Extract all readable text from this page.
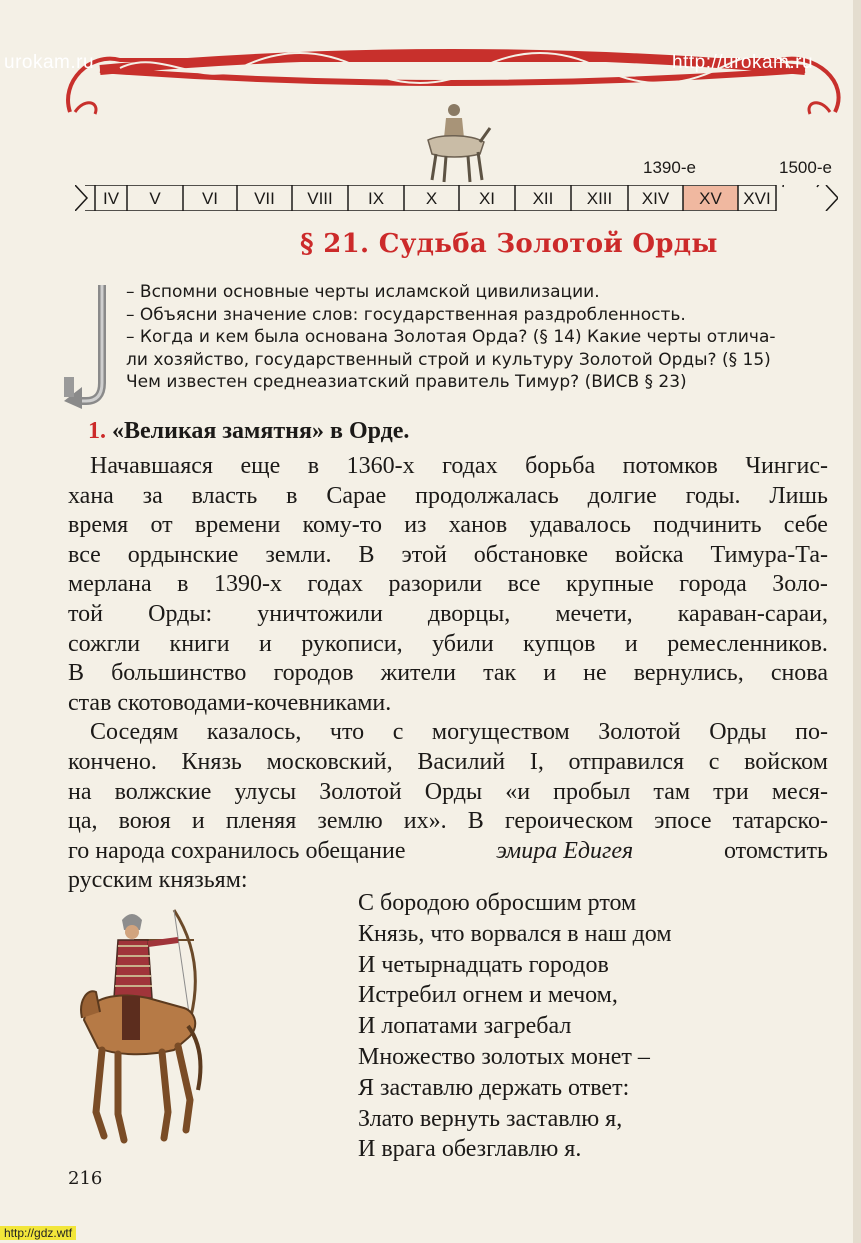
urokam.ru	http://urokam.ru
1390-е	1500-е
IV V VI VII VIII IX X XI XII XIII XIV XV XVI
§ 21. Судьба Золотой Орды
– Вспомни основные черты исламской цивилизации.
– Объясни значение слов: государственная раздробленность.
– Когда и кем была основана Золотая Орда? (§ 14) Какие черты отлича-
ли хозяйство, государственный строй и культуру Золотой Орды? (§ 15)
Чем известен среднеазиатский правитель Тимур? (ВИСВ § 23)
1. «Великая замятня» в Орде.
Начавшаяся еще в 1360-х годах борьба потомков Чингис-
хана за власть в Сарае продолжалась долгие годы. Лишь
время от времени кому-то из ханов удавалось подчинить себе
все ордынские земли. В этой обстановке войска Тимура-Та-
мерлана в 1390-х годах разорили все крупные города Золо-
той Орды: уничтожили дворцы, мечети, караван-сараи,
сожгли книги и рукописи, убили купцов и ремесленников.
В большинство городов жители так и не вернулись, снова
став скотоводами-кочевниками.
Соседям казалось, что с могуществом Золотой Орды по-
кончено. Князь московский, Василий I, отправился с войском
на волжские улусы Золотой Орды «и пробыл там три меся-
ца, воюя и пленяя землю их». В героическом эпосе татарско-
го народа сохранилось обещание	эмира Едигея	отомстить
русским князьям:
С бородою обросшим ртом
Князь, что ворвался в наш дом
И четырнадцать городов
Истребил огнем и мечом,
И лопатами загребал
Множество золотых монет –
Я заставлю держать ответ:
Злато вернуть заставлю я,
И врага обезглавлю я.
216
http://gdz.wtf
